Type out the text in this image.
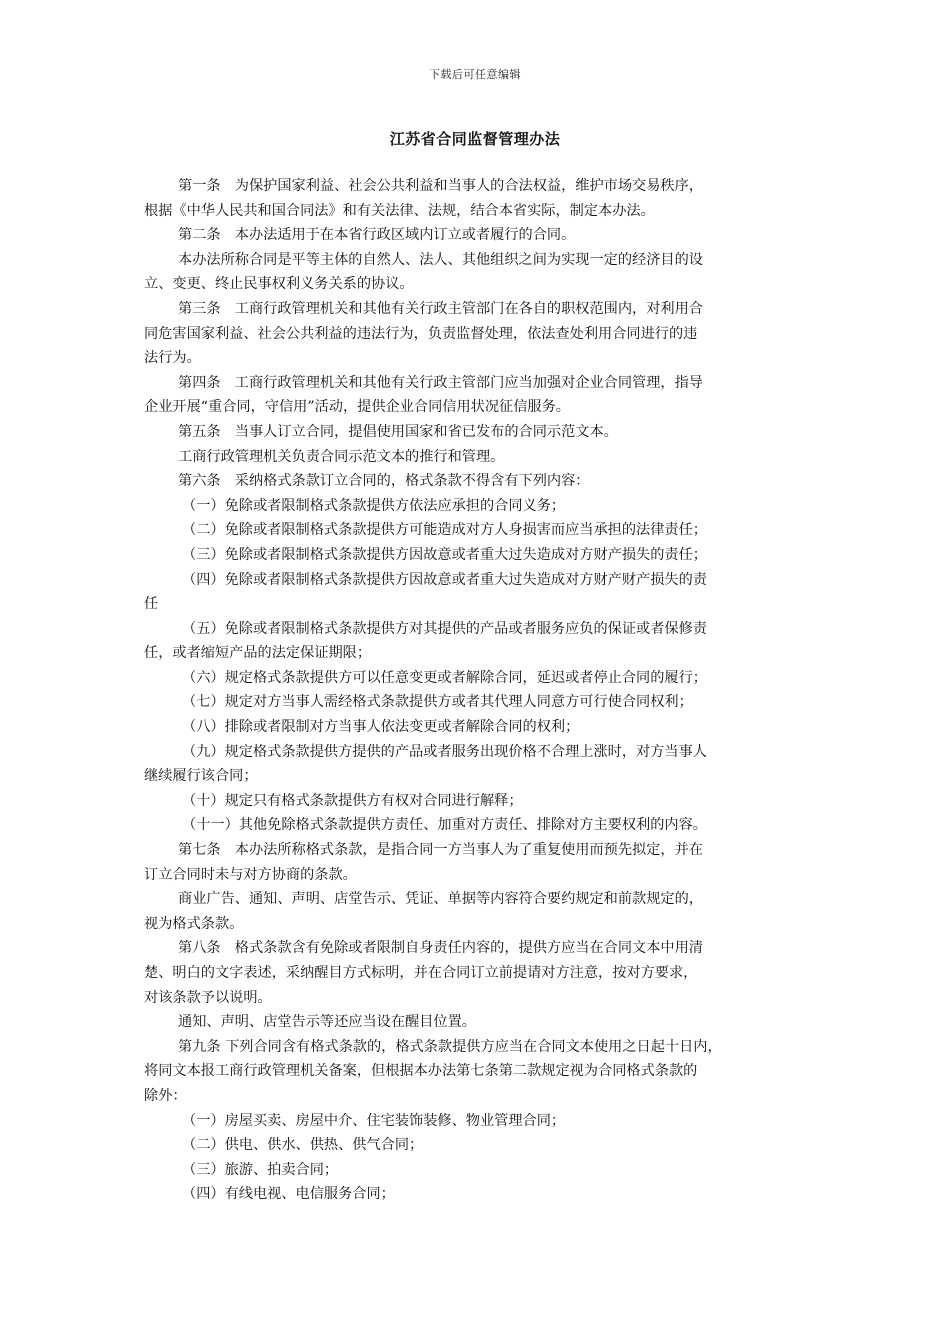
下载后可任意编辑
江苏省合同监督管理办法
第一条　为保护国家利益、社会公共利益和当事人的合法权益，维护市场交易秩序，
根据《中华人民共和国合同法》和有关法律、法规，结合本省实际，制定本办法。
第二条　本办法适用于在本省行政区域内订立或者履行的合同。
本办法所称合同是平等主体的自然人、法人、其他组织之间为实现一定的经济目的设
立、变更、终止民事权利义务关系的协议。
第三条　工商行政管理机关和其他有关行政主管部门在各自的职权范围内，对利用合
同危害国家利益、社会公共利益的违法行为，负责监督处理，依法查处利用合同进行的违
法行为。
第四条　工商行政管理机关和其他有关行政主管部门应当加强对企业合同管理，指导
企业开展“重合同，守信用”活动，提供企业合同信用状况征信服务。
第五条　当事人订立合同，提倡使用国家和省已发布的合同示范文本。
工商行政管理机关负责合同示范文本的推行和管理。
第六条　采纳格式条款订立合同的，格式条款不得含有下列内容：
（一）免除或者限制格式条款提供方依法应承担的合同义务；
（二）免除或者限制格式条款提供方可能造成对方人身损害而应当承担的法律责任；
（三）免除或者限制格式条款提供方因故意或者重大过失造成对方财产损失的责任；
（四）免除或者限制格式条款提供方因故意或者重大过失造成对方财产财产损失的责
任
（五）免除或者限制格式条款提供方对其提供的产品或者服务应负的保证或者保修责
任，或者缩短产品的法定保证期限；
（六）规定格式条款提供方可以任意变更或者解除合同，延迟或者停止合同的履行；
（七）规定对方当事人需经格式条款提供方或者其代理人同意方可行使合同权利；
（八）排除或者限制对方当事人依法变更或者解除合同的权利；
（九）规定格式条款提供方提供的产品或者服务出现价格不合理上涨时，对方当事人
继续履行该合同；
（十）规定只有格式条款提供方有权对合同进行解释；
（十一）其他免除格式条款提供方责任、加重对方责任、排除对方主要权利的内容。
第七条　本办法所称格式条款，是指合同一方当事人为了重复使用而预先拟定，并在
订立合同时未与对方协商的条款。
商业广告、通知、声明、店堂告示、凭证、单据等内容符合要约规定和前款规定的，
视为格式条款。
第八条　格式条款含有免除或者限制自身责任内容的，提供方应当在合同文本中用清
楚、明白的文字表述，采纳醒目方式标明，并在合同订立前提请对方注意，按对方要求，
对该条款予以说明。
通知、声明、店堂告示等还应当设在醒目位置。
第九条 下列合同含有格式条款的，格式条款提供方应当在合同文本使用之日起十日内，
将同文本报工商行政管理机关备案，但根据本办法第七条第二款规定视为合同格式条款的
除外：
（一）房屋买卖、房屋中介、住宅装饰装修、物业管理合同；
（二）供电、供水、供热、供气合同；
（三）旅游、拍卖合同；
（四）有线电视、电信服务合同；
